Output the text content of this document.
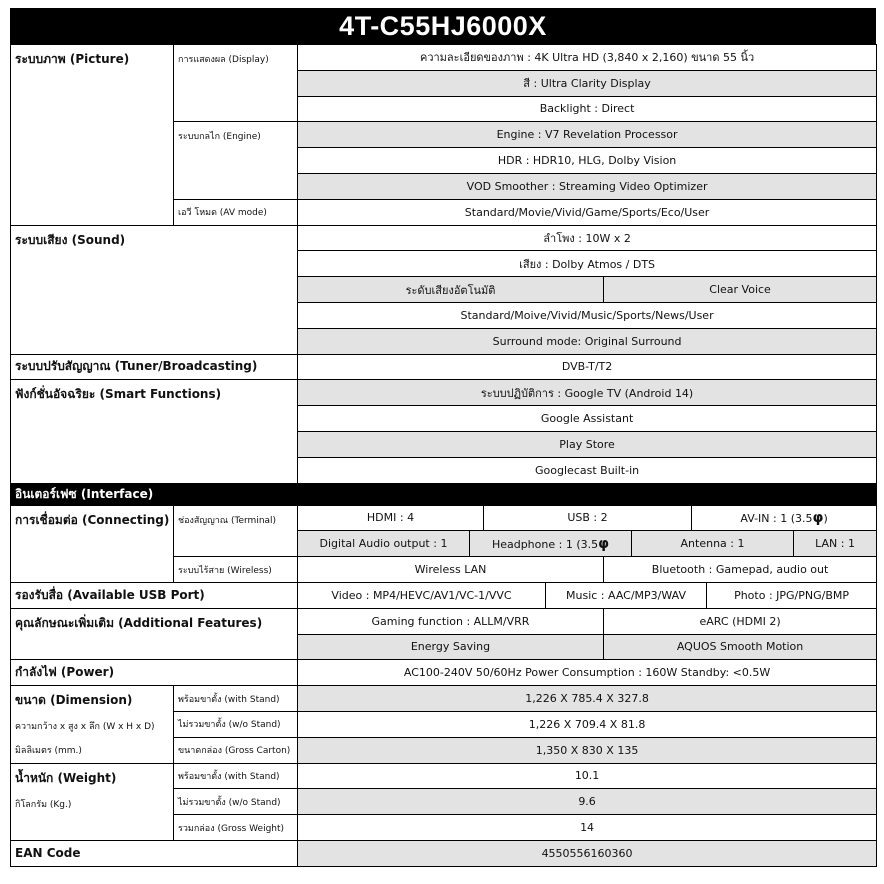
4T-C55HJ6000X
ระบบภาพ (Picture)	การแสดงผล (Display)	ความละเอียดของภาพ : 4K Ultra HD (3,840 x 2,160) ขนาด 55 นิ้ว								
		สี : Ultra Clarity Display								
		Backlight : Direct								
	ระบบกลไก (Engine)	Engine : V7 Revelation Processor								
		HDR : HDR10, HLG, Dolby Vision								
		VOD Smoother : Streaming Video Optimizer								
	เอวี โหมด (AV mode)	Standard/Movie/Vivid/Game/Sports/Eco/User								
ระบบเสียง (Sound)		ลำโพง : 10W x 2								
		เสียง : Dolby Atmos / DTS								
		ระดับเสียงอัตโนมัติ				Clear Voice				
		Standard/Moive/Vivid/Music/Sports/News/User								
		Surround mode: Original Surround								
ระบบปรับสัญญาณ (Tuner/Broadcasting)		DVB-T/T2								
ฟังก์ชั่นอัจฉริยะ (Smart Functions)		ระบบปฏิบัติการ : Google TV (Android 14)								
		Google Assistant								
		Play Store								
		Googlecast Built-in								
อินเตอร์เฟซ (Interface)										
การเชื่อมต่อ (Connecting)	ช่องสัญญาณ (Terminal)	HDMI : 4		USB : 2				AV-IN : 1 (3.5φ)		
		Digital Audio output : 1	Headphone : 1 (3.5φ				Antenna : 1			LAN : 1
	ระบบไร้สาย (Wireless)	Wireless LAN				Bluetooth : Gamepad, audio out				
รองรับสื่อ (Available USB Port)		Video : MP4/HEVC/AV1/VC-1/VVC			Music : AAC/MP3/WAV				Photo : JPG/PNG/BMP	
คุณลักษณะเพิ่มเติม (Additional Features)		Gaming function : ALLM/VRR				eARC (HDMI 2)				
		Energy Saving				AQUOS Smooth Motion				
กำลังไฟ (Power)		AC100-240V 50/60Hz Power Consumption : 160W Standby: <0.5W								
ขนาด (Dimension)
ความกว้าง x สูง x ลึก (W x H x D)
มิลลิเมตร (mm.)	พร้อมขาตั้ง (with Stand)	1,226 X 785.4 X 327.8								
	ไม่รวมขาตั้ง (w/o Stand)	1,226 X 709.4 X 81.8								
	ขนาดกล่อง (Gross Carton)	1,350 X 830 X 135								
น้ำหนัก (Weight)
กิโลกรัม (Kg.)	พร้อมขาตั้ง (with Stand)	10.1								
	ไม่รวมขาตั้ง (w/o Stand)	9.6								
	รวมกล่อง (Gross Weight)	14								
EAN Code		4550556160360								
